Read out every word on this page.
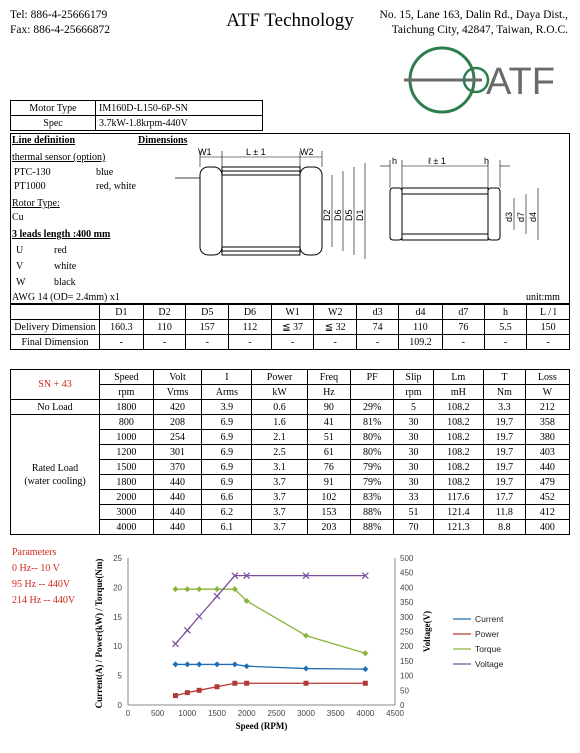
Tel: 886-4-25666179
Fax: 886-4-25666872	ATF Technology	No. 15, Lane 163, Dalin Rd., Daya Dist.,
Taichung City, 42847, Taiwan, R.O.C.
ATF
Motor Type	IM160D-L150-6P-SN
Spec	3.7kW-1.8krpm-440V
Line definition	Dimensions
thermal sensor (option)
PTC-130	blue
PT1000	red, white
Rotor Type:
Cu
3 leads length :400 mm
U	red
V	white
W	black
AWG 14 (OD= 2.4mm) x1	unit:mm
W1	L ± 1	W2
D2 D6 D5 D1
h	ℓ ± 1	h
d3 d7 d4
	D1	D2	D5	D6	W1	W2	d3	d4	d7	h	L / l
Delivery Dimension	160.3	110	157	112	≦ 37	≦ 32	74	110	76	5.5	150
Final Dimension	-	-	-	-	-	-	-	109.2	-	-	-
SN + 43	Speed	Volt	I	Power	Freq	PF	Slip	Lm	T	Loss
	rpm	Vrms	Arms	kW	Hz		rpm	mH	Nm	W
No Load	1800	420	3.9	0.6	90	29%	5	108.2	3.3	212

Rated Load
(water cooling)	800	208	6.9	1.6	41	81%	30	108.2	19.7	358
	1000	254	6.9	2.1	51	80%	30	108.2	19.7	380
	1200	301	6.9	2.5	61	80%	30	108.2	19.7	403
	1500	370	6.9	3.1	76	79%	30	108.2	19.7	440
	1800	440	6.9	3.7	91	79%	30	108.2	19.7	479
	2000	440	6.6	3.7	102	83%	33	117.6	17.7	452
	3000	440	6.2	3.7	153	88%	51	121.4	11.8	412
	4000	440	6.1	3.7	203	88%	70	121.3	8.8	400
Parameters
0 Hz-- 10 V
95 Hz -- 440V
214 Hz -- 440V
0	500 1000 1500 2000 2500 3000 3500 4000 4500
0
5
10
15
20
25
0
50
100
150
200
250
300
350
400
450
500
Speed (RPM)
Current(A) / Power(kW) / Torque(Nm)	Voltage(V)	Current
Power
Torque
Voltage
